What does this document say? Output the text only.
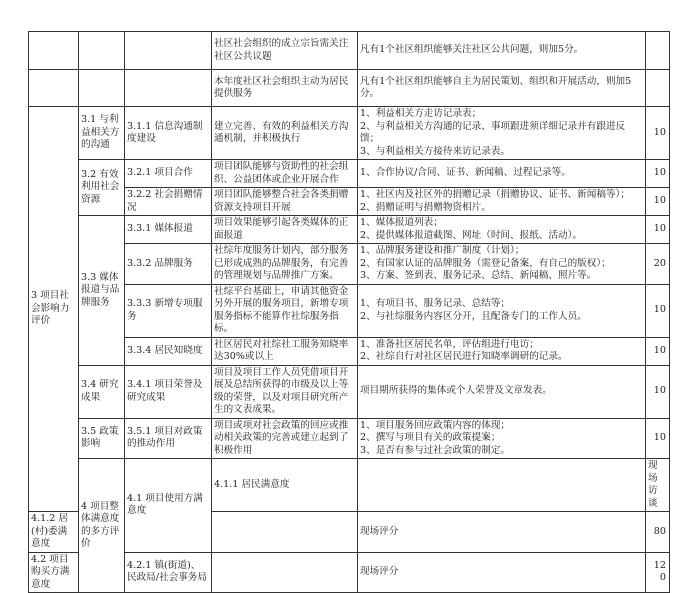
			社区社会组织的成立宗旨需关注社区公共议题	凡有1个社区组织能够关注社区公共问题，则加5分。		
			本年度社区社会组织主动为居民提供服务	凡有1个社区组织能够自主为居民策划、组织和开展活动，则加5分。		
3 项目社会影响力评价	3.1 与利益相关方的沟通	3.1.1 信息沟通制度建设	建立完善、有效的利益相关方沟通机制，并积极执行	1、利益相关方走访记录表；
2、与利益相关方沟通的记录、事项跟进须详细记录并有跟进反馈；
3、与利益相关方接待来访记录表。	10	
	3.2 有效利用社会资源	3.2.1 项目合作	项目团队能够与资助性的社会组织、公益团体或企业开展合作	1、合作协议/合同、证书、新闻稿、过程记录等。	10	
		3.2.2 社会捐赠情况	项目团队能够整合社会各类捐赠资源支持项目开展	1、社区内及社区外的捐赠记录（捐赠协议、证书、新闻稿等）；
2、捐赠证明与捐赠物资相片。	10	
	3.3 媒体报道与品牌服务	3.3.1 媒体报道	项目效果能够引起各类媒体的正面报道	1、媒体报道列表；
2、提供媒体报道截图、网址（时间、报纸、活动）。	10	
		3.3.2 品牌服务	社综年度服务计划内，部分服务已形成成熟的品牌服务，有完善的管理规划与品牌推广方案。	1、品牌服务建设和推广制度（计划）；
2、有国家认证的品牌服务（需登记备案，有自己的版权）；
3、方案、签到表、服务记录、总结、新闻稿、照片等。	20	
		3.3.3 新增专项服务	社综平台基础上，申请其他资金另外开展的服务项目，新增专项服务指标不能算作社综服务指标。	1、有项目书、服务记录、总结等；
2、与社综服务内容区分开，且配备专门的工作人员。	10	
		3.3.4 居民知晓度	社区居民对社综社工服务知晓率达30%或以上	1、准备社区居民名单，评估组进行电访；
2、社综自行对社区居民进行知晓率调研的记录。	10	
	3.4 研究成果	3.4.1 项目荣誉及研究成果	项目及项目工作人员凭借项目开展及总结所获得的市级及以上等级的荣誉，以及对项目研究所产生的文表成果。	项目期所获得的集体或个人荣誉及文章发表。	10	
	3.5 政策影响	3.5.1 项目对政策的推动作用	项目或项对社会政策的回应或推动相关政策的完善或建立起到了积极作用	1、项目服务回应政策内容的体现；
2、撰写与项目有关的政策提案；
3、是否有参与过社会政策的制定。	10	
	4 项目整体满意度的多方评价	4.1 项目使用方满意度	4.1.1 居民满意度		现场访谈	
4.1.2 居(村)委满意度				现场评分	80	
4.2 项目购买方满意度		4.2.1 镇(街道)、民政局/社会事务局		现场评分	120	
